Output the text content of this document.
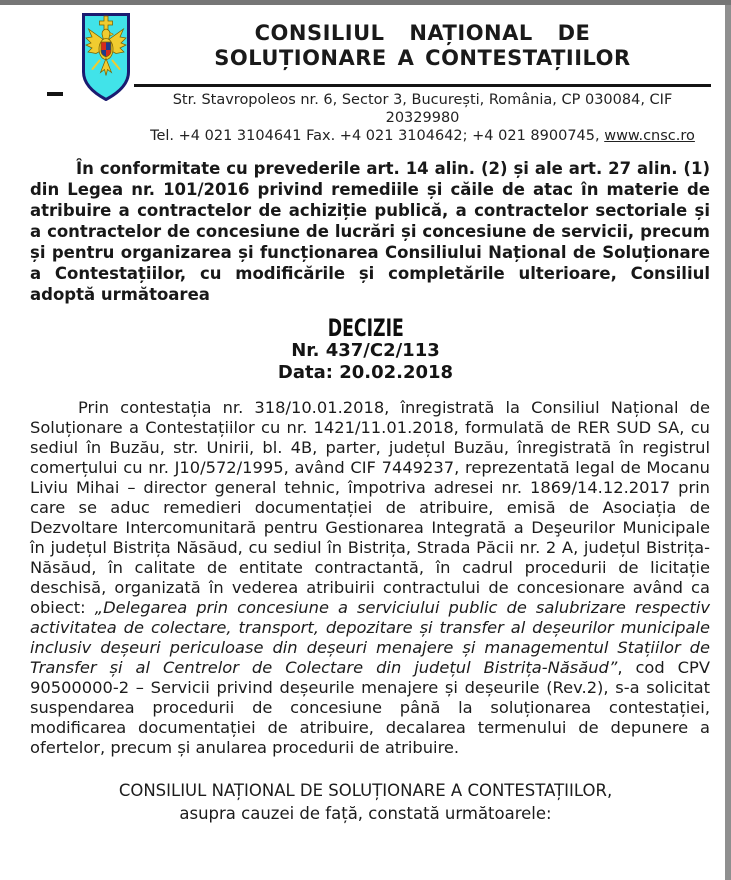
CONSILIUL NAȚIONAL DE
SOLUȚIONARE A CONTESTAȚIILOR
Str. Stavropoleos nr. 6, Sector 3, București, România, CP 030084, CIF 20329980
Tel. +4 021 3104641 Fax. +4 021 3104642; +4 021 8900745, www.cnsc.ro

În conformitate cu prevederile art. 14 alin. (2) și ale art. 27 alin. (1) din Legea nr. 101/2016 privind remediile și căile de atac în materie de atribuire a contractelor de achiziție publică, a contractelor sectoriale și a contractelor de concesiune de lucrări și concesiune de servicii, precum și pentru organizarea și funcționarea Consiliului Național de Soluționare a Contestațiilor, cu modificările și completările ulterioare, Consiliul adoptă următoarea

DECIZIE
Nr. 437/C2/113
Data: 20.02.2018

Prin contestația nr. 318/10.01.2018, înregistrată la Consiliul Național de Soluționare a Contestațiilor cu nr. 1421/11.01.2018, formulată de RER SUD SA, cu sediul în Buzău, str. Unirii, bl. 4B, parter, județul Buzău, înregistrată în registrul comerțului cu nr. J10/572/1995, având CIF 7449237, reprezentată legal de Mocanu Liviu Mihai – director general tehnic, împotriva adresei nr. 1869/14.12.2017 prin care se aduc remedieri documentației de atribuire, emisă de Asociația de Dezvoltare Intercomunitară pentru Gestionarea Integrată a Deşeurilor Municipale în județul Bistrița Năsăud, cu sediul în Bistrița, Strada Păcii nr. 2 A, județul Bistrița-Năsăud, în calitate de entitate contractantă, în cadrul procedurii de licitație deschisă, organizată în vederea atribuirii contractului de concesionare având ca obiect: „Delegarea prin concesiune a serviciului public de salubrizare respectiv activitatea de colectare, transport, depozitare și transfer al deșeurilor municipale inclusiv deșeuri periculoase din deșeuri menajere și managementul Stațiilor de Transfer și al Centrelor de Colectare din județul Bistrița-Năsăud”, cod CPV 90500000-2 – Servicii privind deșeurile menajere și deșeurile (Rev.2), s-a solicitat suspendarea procedurii de concesiune până la soluționarea contestației, modificarea documentației de atribuire, decalarea termenului de depunere a ofertelor, precum și anularea procedurii de atribuire.

CONSILIUL NAȚIONAL DE SOLUȚIONARE A CONTESTAȚIILOR,
asupra cauzei de față, constată următoarele:
